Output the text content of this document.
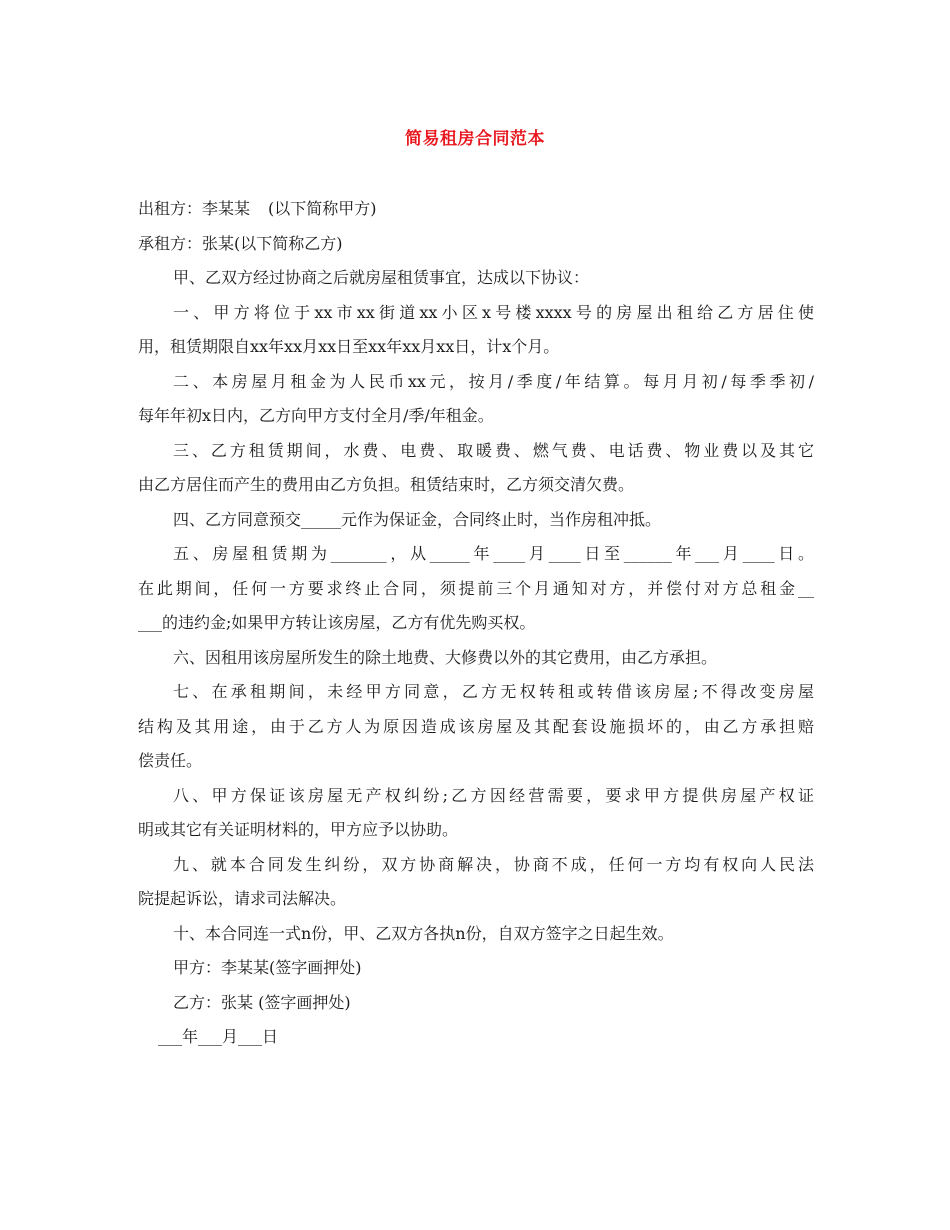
简易租房合同范本

出租方：李某某 (以下简称甲方)

承租方：张某(以下简称乙方)

甲、乙双方经过协商之后就房屋租赁事宜，达成以下协议：

一、甲方将位于xx市xx街道xx小区x号楼xxxx号的房屋出租给乙方居住使

用，租赁期限自xx年xx月xx日至xx年xx月xx日，计x个月。

二、本房屋月租金为人民币xx元，按月/季度/年结算。每月月初/每季季初/

每年年初x日内，乙方向甲方支付全月/季/年租金。

三、乙方租赁期间，水费、电费、取暖费、燃气费、电话费、物业费以及其它

由乙方居住而产生的费用由乙方负担。租赁结束时，乙方须交清欠费。

四、乙方同意预交_____元作为保证金，合同终止时，当作房租冲抵。

五、房屋租赁期为_______，从_____年____月____日至______年___月____日。

在此期间，任何一方要求终止合同，须提前三个月通知对方，并偿付对方总租金__

___的违约金;如果甲方转让该房屋，乙方有优先购买权。

六、因租用该房屋所发生的除土地费、大修费以外的其它费用，由乙方承担。

七、在承租期间，未经甲方同意，乙方无权转租或转借该房屋;不得改变房屋

结构及其用途，由于乙方人为原因造成该房屋及其配套设施损坏的，由乙方承担赔

偿责任。

八、甲方保证该房屋无产权纠纷;乙方因经营需要，要求甲方提供房屋产权证

明或其它有关证明材料的，甲方应予以协助。

九、就本合同发生纠纷，双方协商解决，协商不成，任何一方均有权向人民法

院提起诉讼，请求司法解决。

十、本合同连一式n份，甲、乙双方各执n份，自双方签字之日起生效。

甲方：李某某(签字画押处)

乙方：张某 (签字画押处)

___年___月___日
